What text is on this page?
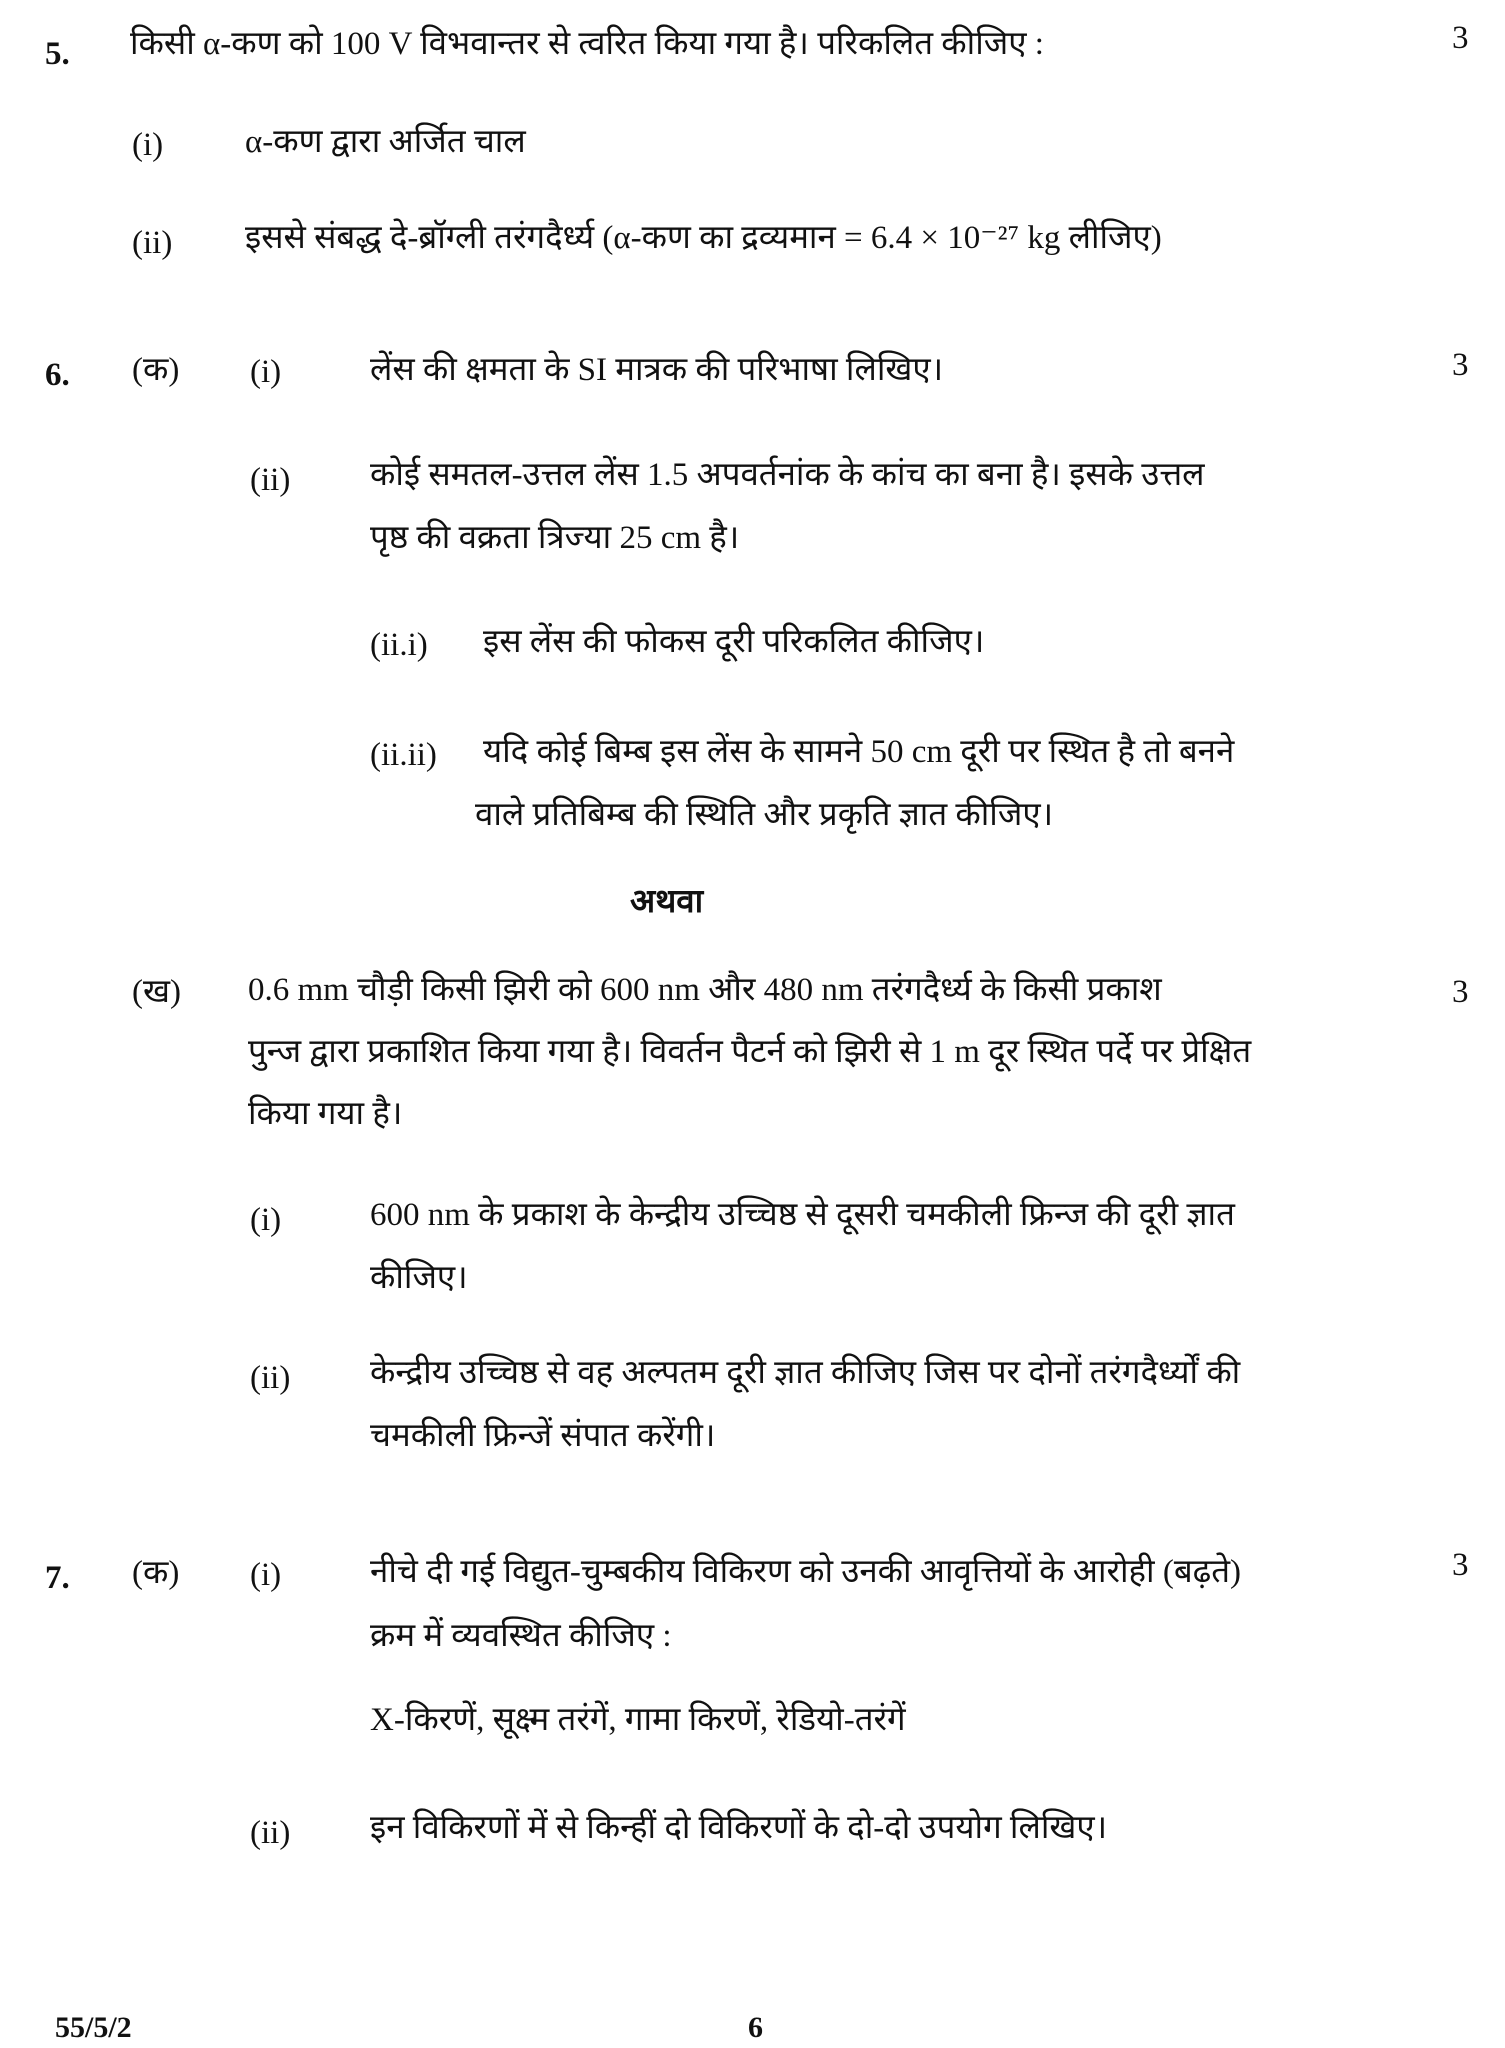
5. किसी α-कण को 100 V विभवान्तर से त्वरित किया गया है। परिकलित कीजिए :	3
(i) α-कण द्वारा अर्जित चाल
(ii) इससे संबद्ध दे-ब्रॉग्ली तरंगदैर्ध्य (α-कण का द्रव्यमान = 6.4 × 10⁻²⁷ kg लीजिए)
6. (क) (i)	लेंस की क्षमता के SI मात्रक की परिभाषा लिखिए।	3
(ii) कोई समतल-उत्तल लेंस 1.5 अपवर्तनांक के कांच का बना है। इसके उत्तल
पृष्ठ की वक्रता त्रिज्या 25 cm है।
(ii.i) इस लेंस की फोकस दूरी परिकलित कीजिए।
(ii.ii) यदि कोई बिम्ब इस लेंस के सामने 50 cm दूरी पर स्थित है तो बनने
वाले प्रतिबिम्ब की स्थिति और प्रकृति ज्ञात कीजिए।
अथवा
(ख) 0.6 mm चौड़ी किसी झिरी को 600 nm और 480 nm तरंगदैर्ध्य के किसी प्रकाश	3
पुन्ज द्वारा प्रकाशित किया गया है। विवर्तन पैटर्न को झिरी से 1 m दूर स्थित पर्दे पर प्रेक्षित
किया गया है।
(i)	600 nm के प्रकाश के केन्द्रीय उच्चिष्ठ से दूसरी चमकीली फ्रिन्ज की दूरी ज्ञात
कीजिए।
(ii) केन्द्रीय उच्चिष्ठ से वह अल्पतम दूरी ज्ञात कीजिए जिस पर दोनों तरंगदैर्ध्यों की
चमकीली फ्रिन्जें संपात करेंगी।
7. (क) (i)	नीचे दी गई विद्युत-चुम्बकीय विकिरण को उनकी आवृत्तियों के आरोही (बढ़ते)	3
क्रम में व्यवस्थित कीजिए :
X-किरणें, सूक्ष्म तरंगें, गामा किरणें, रेडियो-तरंगें
(ii) इन विकिरणों में से किन्हीं दो विकिरणों के दो-दो उपयोग लिखिए।
55/5/2	6
